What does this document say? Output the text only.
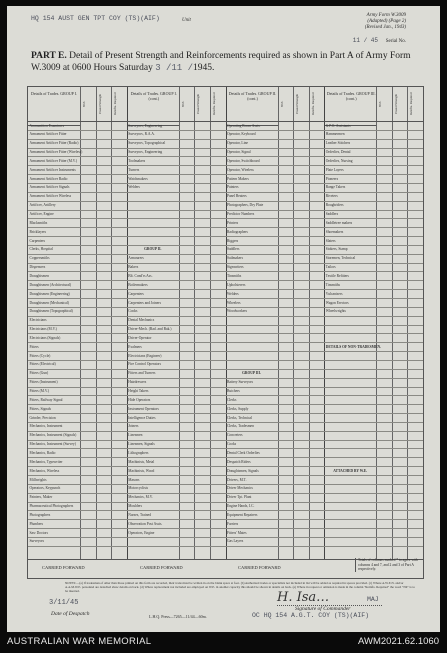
HQ 154 AUST GEN TPT COY (TS)(AIF)	Unit
Army Form W.3009
(Adapted) (Page 2)
(Revised Jan., 1943)
11 / 45 Serial No.
PART E. Detail of Present Strength and Reinforcements required as shown in Part A of Army Form W.3009 at 0600 Hours Saturday 3 /11 /1945.
Details of Trades. GROUP I.
W.E.	Posted Strength	Reinfts. Required
Ammunition Examiners
Armament Artificer Fitter
Armament Artificer Fitter (Radio)
Armament Artificer Fitter (Wireless)
Armament Artificer Fitter (M.V.)
Armament Artificer Instruments
Armament Artificer Radio
Armament Artificer Signals
Armament Artificer Wireless
Artificer, Artillery
Artificer, Engine
Blacksmiths
Bricklayers
Carpenters
Clerks, Hospital
Coppersmiths
Dispensers
Draughtsmen
Draughtsmen (Architectural)
Draughtsmen (Engineering)
Draughtsmen (Mechanical)
Draughtsmen (Topographical)
Electricians
Electricians (M.V.)
Electricians (Signals)
Fitters
Fitters (Cycle)
Fitters (Electrical)
Fitters (Gun)
Fitters (Instrument)
Fitters (M.V.)
Fitters, Railway Signal
Fitters, Signals
Grinder, Precision
Mechanics, Instrument
Mechanics, Instrument (Signals)
Mechanics, Instrument (Survey)
Mechanics, Radio
Mechanics, Typewriter
Mechanics, Wireless
Millwrights
Operators, Keypunch
Painters, Maker
Pharmaceutical Photographers
Photographers
Plumbers
Saw Doctors
Surveyors
Details of Trades. GROUP I. (cont.)
W.E.	Posted Strength	Reinfts. Required
Surveyors, Engineering
Surveyors, R.A.A.
Surveyors, Topographical
Surveyors, Engineering
Toolmakers
Turners
Watchmakers
Welders
GROUP II.
Armourers
Bakers
Blt. Cond'rs Ass.
Boilermakers
Carpenters
Carpenters and Joiners
Cooks
Dental Mechanics
Driver-Mech. (Rad. and Bak.)
Driver-Operator
Evalmers
Electricians (Engineer)
Fire Control Operators
Fitters and Turners
Hairdressers
Height Takers
Hide Operators
Instrument Operators
Intelligence Duties
Joiners
Linesmen
Linesmen, Signals
Lithographers
Machinists, Metal
Machinists, Wood
Masons
Motorcyclists
Mechanics, M.V.
Moulders
Nurses, Trained
Observation Post Assts.
Operators, Engine
Details of Trades. GROUP II. (cont.)
W.E.	Posted Strength	Reinfts. Required
Operating Room Assts.
Operator, Keyboard
Operator, Line
Operator, Signal
Operator, Switchboard
Operator, Wireless
Pattern Makers
Painters
Panel Beaters
Photographers, Dry Plate
Predictor Numbers
Printers
Radiographers
Riggers
Saddlers
Sailmakers
Signwriters
Tinsmiths
Upholsterers
Welders
Wheelers
Woodworkers
GROUP III.
Battery Surveyors
Butchers
Clerks
Clerks, Supply
Clerks, Technical
Clerks, Tradesmen
Concreters
Cooks
Dental Clerk Orderlies
Despatch Riders
Draughtsmen, Signals
Drivers, M.T.
Driver Mechanics
Driver Tpt. Plant
Engine Hands, I.C.
Equipment Repairers
Farriers
Fitters' Mates
Gas Layers
Details of Trades. GROUP III. (cont.)
W.E.	Posted Strength	Reinfts. Required
G.P.O. Assistants
Hammermen
Leather Stitchers
Orderlies, Dental
Orderlies, Nursing
Plate Layers
Pioneers
Range Takers
Riveters
Roughriders
Saddlers
Saddletree makers
Shoemakers
Slaters
Stokers, Stamp
Storemen, Technical
Tailors
Textile Refitters
Tinsmiths
Vulcanisers
Wagon Erectors
Wheelwrights
DETAILS OF NON-TRADESMEN.
ATTACHED BY W.E.
CARRIED FORWARD	CARRIED FORWARD	CARRIED FORWARD
Totals of columns marked * to agree with columns 4 and 7, and 2 and 3 of Part A respectively.
NOTES:—(a) If tradesmen of other than those printed on this form are recorded, their trade must be written in on the blank space at foot. (b) Authorized trades or specialists not included in list will be added as required in spaces provided. (c) Where A.W.E.N. and/or A.A.M.W.E. personnel are detached show details on back. (d) Where replacement not included are employed on W.E. in another capacity this should be shown in details on back. (e) Where in request or omission is made in the column "Reinfts. Required" the word "Nil" is to be inserted.
3/11/45
Date of Despatch	L.H.Q. Press—7265—11/44—60m.
H. Isa…	MAJ
Signature of Commander
OC HQ 154 A.G.T. COY (TS)(AIF)
AUSTRALIAN WAR MEMORIAL	AWM2021.62.1060
